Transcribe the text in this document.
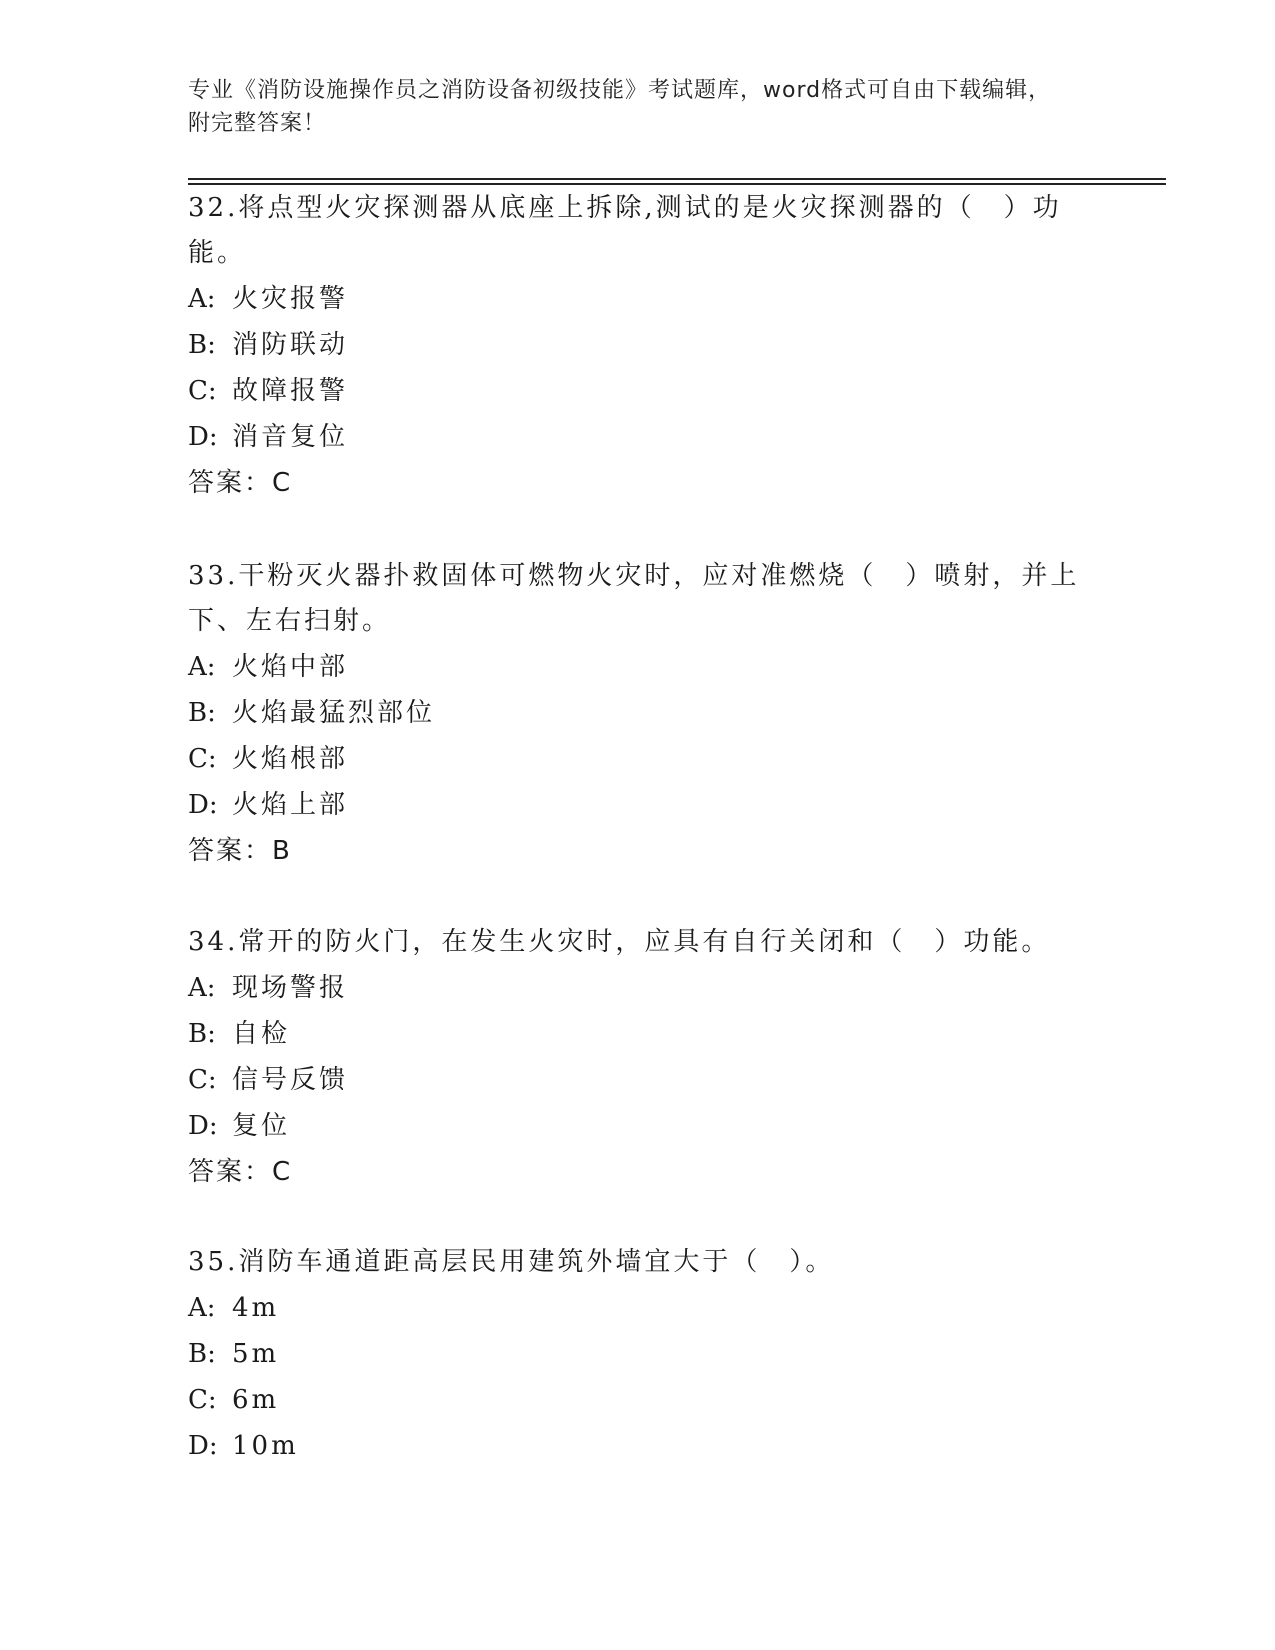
专业《消防设施操作员之消防设备初级技能》考试题库，word格式可自由下载编辑，附完整答案！

32.将点型火灾探测器从底座上拆除,测试的是火灾探测器的（　）功能。

A: 火灾报警
B: 消防联动
C: 故障报警
D: 消音复位
答案：C

33.干粉灭火器扑救固体可燃物火灾时，应对准燃烧（　）喷射，并上下、左右扫射。

A: 火焰中部
B: 火焰最猛烈部位
C: 火焰根部
D: 火焰上部
答案：B

34.常开的防火门，在发生火灾时，应具有自行关闭和（　）功能。

A: 现场警报
B: 自检
C: 信号反馈
D: 复位
答案：C

35.消防车通道距高层民用建筑外墙宜大于（　）。

A: 4m
B: 5m
C: 6m
D: 10m
